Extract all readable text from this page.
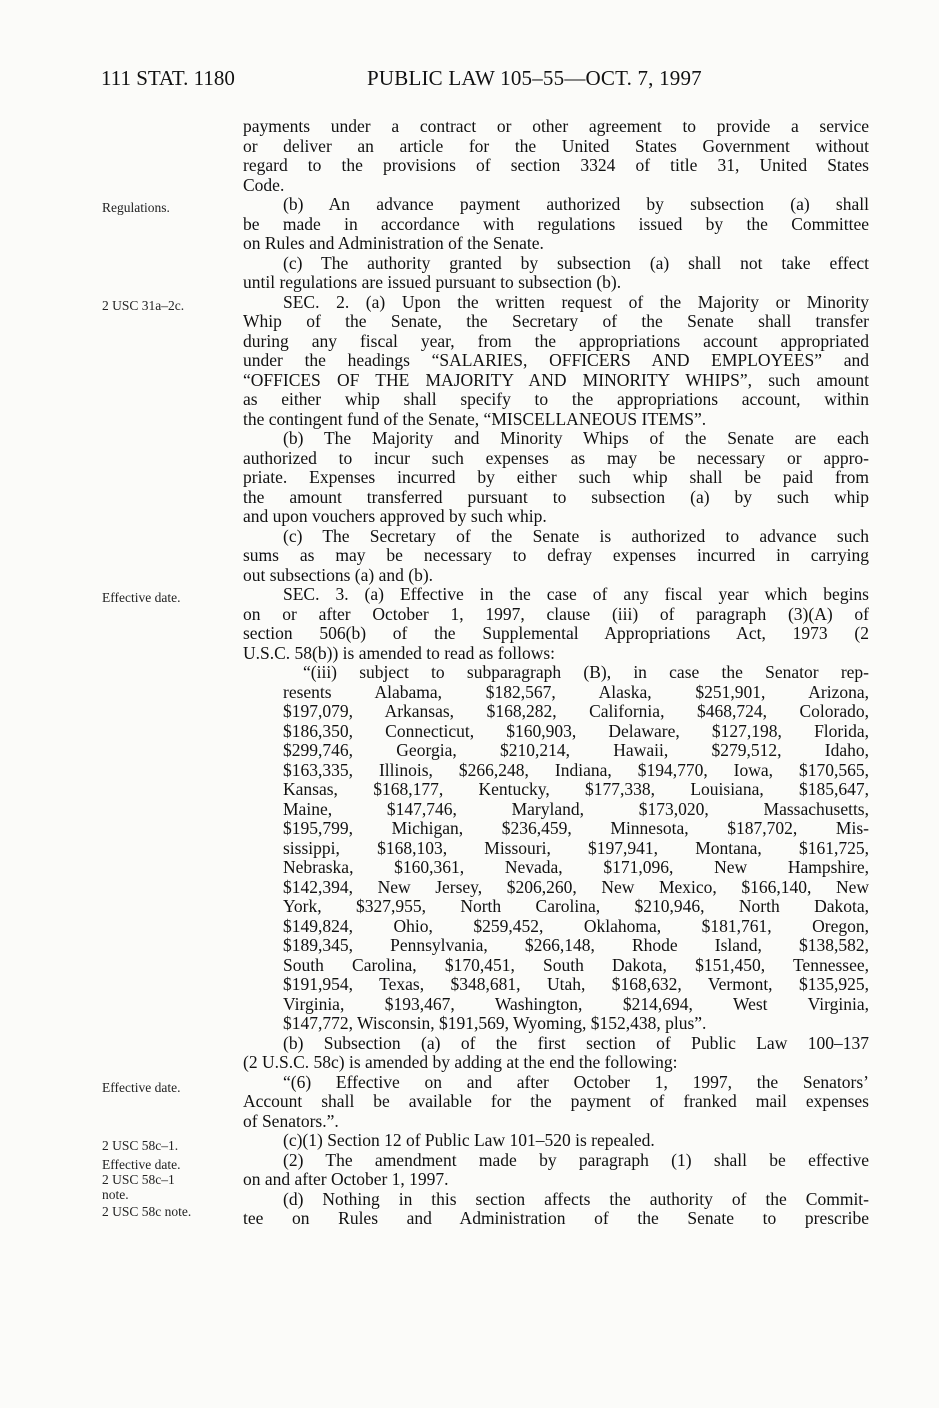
111 STAT. 1180	PUBLIC LAW 105–55—OCT. 7, 1997
Regulations.
2 USC 31a–2c.
Effective date.
Effective date.
2 USC 58c–1.
Effective date.
2 USC 58c–1
note.
2 USC 58c note.
payments under a contract or other agreement to provide a service
or deliver an article for the United States Government without
regard to the provisions of section 3324 of title 31, United States
Code.
(b) An advance payment authorized by subsection (a) shall
be made in accordance with regulations issued by the Committee
on Rules and Administration of the Senate.
(c) The authority granted by subsection (a) shall not take effect
until regulations are issued pursuant to subsection (b).
SEC. 2. (a) Upon the written request of the Majority or Minority
Whip of the Senate, the Secretary of the Senate shall transfer
during any fiscal year, from the appropriations account appropriated
under the headings “SALARIES, OFFICERS AND EMPLOYEES” and
“OFFICES OF THE MAJORITY AND MINORITY WHIPS”, such amount
as either whip shall specify to the appropriations account, within
the contingent fund of the Senate, “MISCELLANEOUS ITEMS”.
(b) The Majority and Minority Whips of the Senate are each
authorized to incur such expenses as may be necessary or appro-
priate. Expenses incurred by either such whip shall be paid from
the amount transferred pursuant to subsection (a) by such whip
and upon vouchers approved by such whip.
(c) The Secretary of the Senate is authorized to advance such
sums as may be necessary to defray expenses incurred in carrying
out subsections (a) and (b).
SEC. 3. (a) Effective in the case of any fiscal year which begins
on or after October 1, 1997, clause (iii) of paragraph (3)(A) of
section 506(b) of the Supplemental Appropriations Act, 1973 (2
U.S.C. 58(b)) is amended to read as follows:
“(iii) subject to subparagraph (B), in case the Senator rep-
resents Alabama, $182,567, Alaska, $251,901, Arizona,
$197,079, Arkansas, $168,282, California, $468,724, Colorado,
$186,350, Connecticut, $160,903, Delaware, $127,198, Florida,
$299,746, Georgia, $210,214, Hawaii, $279,512, Idaho,
$163,335, Illinois, $266,248, Indiana, $194,770, Iowa, $170,565,
Kansas, $168,177, Kentucky, $177,338, Louisiana, $185,647,
Maine, $147,746, Maryland, $173,020, Massachusetts,
$195,799, Michigan, $236,459, Minnesota, $187,702, Mis-
sissippi, $168,103, Missouri, $197,941, Montana, $161,725,
Nebraska, $160,361, Nevada, $171,096, New Hampshire,
$142,394, New Jersey, $206,260, New Mexico, $166,140, New
York, $327,955, North Carolina, $210,946, North Dakota,
$149,824, Ohio, $259,452, Oklahoma, $181,761, Oregon,
$189,345, Pennsylvania, $266,148, Rhode Island, $138,582,
South Carolina, $170,451, South Dakota, $151,450, Tennessee,
$191,954, Texas, $348,681, Utah, $168,632, Vermont, $135,925,
Virginia, $193,467, Washington, $214,694, West Virginia,
$147,772, Wisconsin, $191,569, Wyoming, $152,438, plus”.
(b) Subsection (a) of the first section of Public Law 100–137
(2 U.S.C. 58c) is amended by adding at the end the following:
“(6) Effective on and after October 1, 1997, the Senators’
Account shall be available for the payment of franked mail expenses
of Senators.”.
(c)(1) Section 12 of Public Law 101–520 is repealed.
(2) The amendment made by paragraph (1) shall be effective
on and after October 1, 1997.
(d) Nothing in this section affects the authority of the Commit-
tee on Rules and Administration of the Senate to prescribe
